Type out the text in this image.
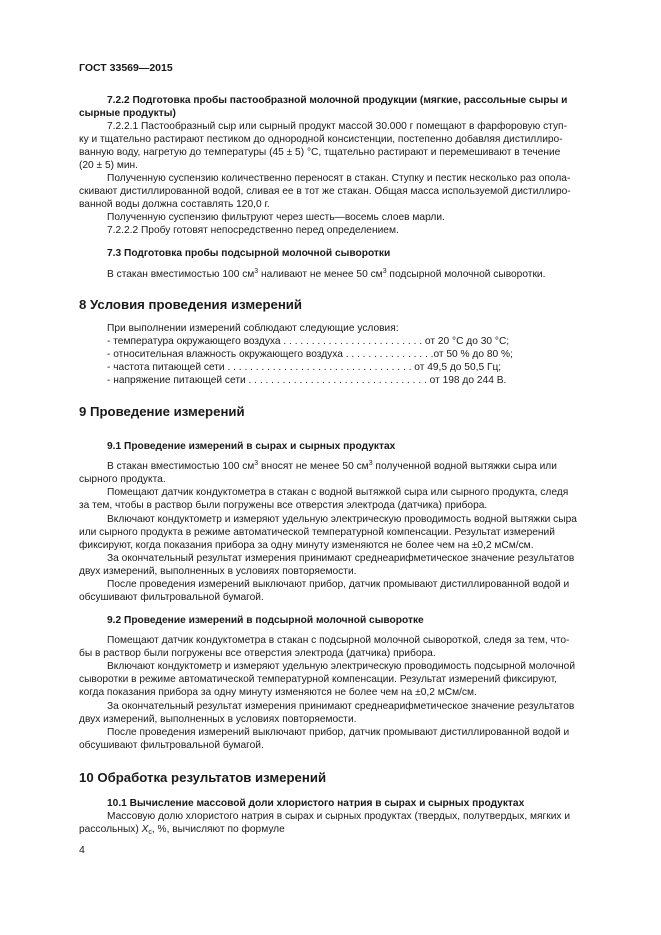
ГОСТ 33569—2015
7.2.2 Подготовка пробы пастообразной молочной продукции (мягкие, рассольные сыры и
сырные продукты)
7.2.2.1 Пастообразный сыр или сырный продукт массой 30.000 г помещают в фарфоровую ступ-
ку и тщательно растирают пестиком до однородной консистенции, постепенно добавляя дистиллиро-
ванную воду, нагретую до температуры (45 ± 5) °С, тщательно растирают и перемешивают в течение
(20 ± 5) мин.
Полученную суспензию количественно переносят в стакан. Ступку и пестик несколько раз опола-
скивают дистиллированной водой, сливая ее в тот же стакан. Общая масса используемой дистиллиро-
ванной воды должна составлять 120,0 г.
Полученную суспензию фильтруют через шесть—восемь слоев марли.
7.2.2.2 Пробу готовят непосредственно перед определением.
7.3 Подготовка пробы подсырной молочной сыворотки
В стакан вместимостью 100 $см^3$ наливают не менее 50 $см^3$ подсырной молочной сыворотки.
8 Условия проведения измерений
При выполнении измерений соблюдают следующие условия:
- температура окружающего воздуха . . . . . . . . . . . . . . . . . . . . . . . . . от 20 °С до 30 °С;
- относительная влажность окружающего воздуха . . . . . . . . . . . . . . . .от 50 % до 80 %;
- частота питающей сети . . . . . . . . . . . . . . . . . . . . . . . . . . . . . . . . . от 49,5 до 50,5 Гц;
- напряжение питающей сети . . . . . . . . . . . . . . . . . . . . . . . . . . . . . . . . от 198 до 244 В.
9 Проведение измерений
9.1 Проведение измерений в сырах и сырных продуктах
В стакан вместимостью 100 $см^3$ вносят не менее 50 $см^3$ полученной водной вытяжки сыра или
сырного продукта.
Помещают датчик кондуктометра в стакан с водной вытяжкой сыра или сырного продукта, следя
за тем, чтобы в раствор были погружены все отверстия электрода (датчика) прибора.
Включают кондуктометр и измеряют удельную электрическую проводимость водной вытяжки сыра
или сырного продукта в режиме автоматической температурной компенсации. Результат измерений
фиксируют, когда показания прибора за одну минуту изменяются не более чем на ±0,2 мСм/см.
За окончательный результат измерения принимают среднеарифметическое значение результатов
двух измерений, выполненных в условиях повторяемости.
После проведения измерений выключают прибор, датчик промывают дистиллированной водой и
обсушивают фильтровальной бумагой.
9.2 Проведение измерений в подсырной молочной сыворотке
Помещают датчик кондуктометра в стакан с подсырной молочной сывороткой, следя за тем, что-
бы в раствор были погружены все отверстия электрода (датчика) прибора.
Включают кондуктометр и измеряют удельную электрическую проводимость подсырной молочной
сыворотки в режиме автоматической температурной компенсации. Результат измерений фиксируют,
когда показания прибора за одну минуту изменяются не более чем на ±0,2 мСм/см.
За окончательный результат измерения принимают среднеарифметическое значение результатов
двух измерений, выполненных в условиях повторяемости.
После проведения измерений выключают прибор, датчик промывают дистиллированной водой и
обсушивают фильтровальной бумагой.
10 Обработка результатов измерений
10.1 Вычисление массовой доли хлористого натрия в сырах и сырных продуктах
Массовую долю хлористого натрия в сырах и сырных продуктах (твердых, полутвердых, мягких и
рассольных) $X_c$, %, вычисляют по формуле
4
